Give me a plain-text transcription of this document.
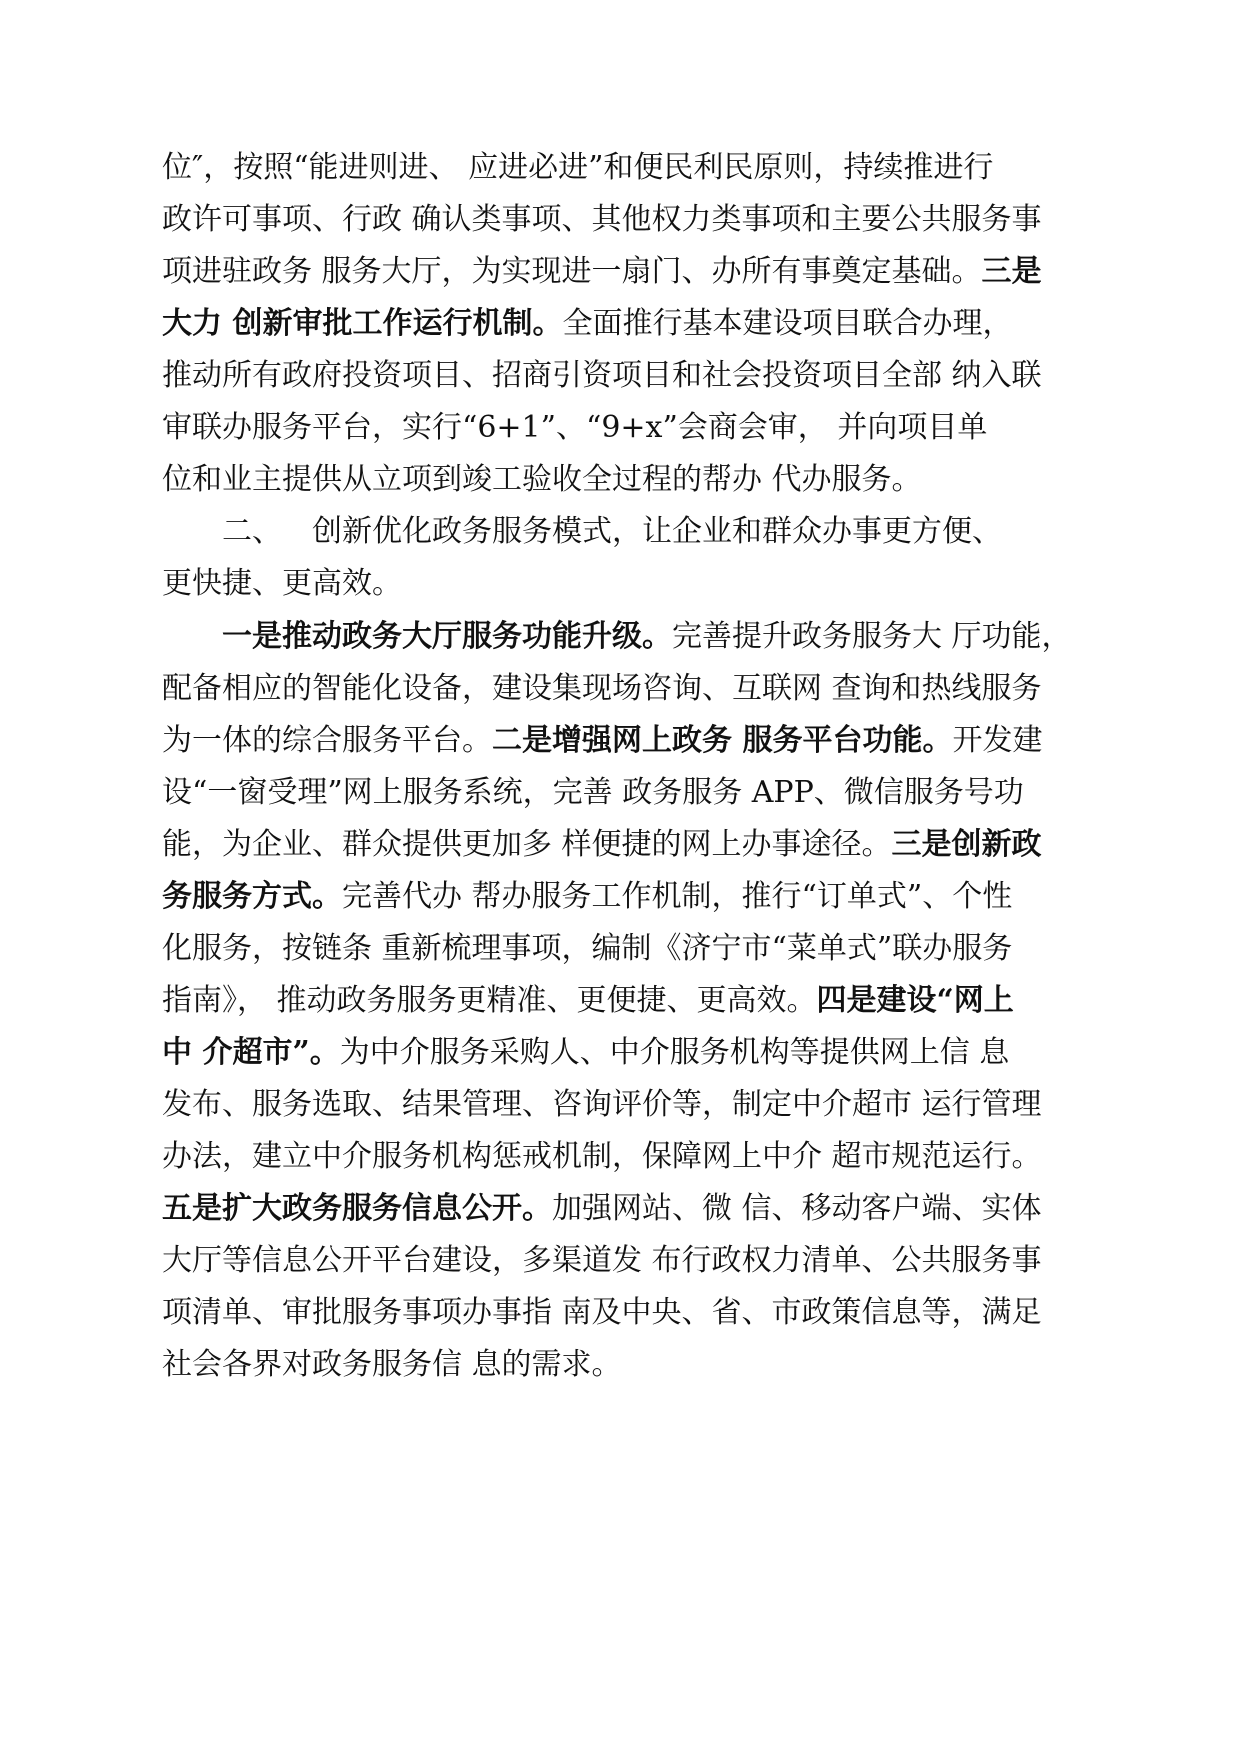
位″，按照“能进则进、 应进必进”和便民利民原则，持续推进行
政许可事项、行政 确认类事项、其他权力类事项和主要公共服务事
项进驻政务 服务大厅，为实现进一扇门、办所有事奠定基础。三是
大力 创新审批工作运行机制。全面推行基本建设项目联合办理，
推动所有政府投资项目、招商引资项目和社会投资项目全部 纳入联
审联办服务平台，实行“6+1”、“9+x”会商会审， 并向项目单
位和业主提供从立项到竣工验收全过程的帮办 代办服务。
二、 创新优化政务服务模式，让企业和群众办事更方便、
更快捷、更高效。
一是推动政务大厅服务功能升级。完善提升政务服务大 厅功能，
配备相应的智能化设备，建设集现场咨询、互联网 查询和热线服务
为一体的综合服务平台。二是增强网上政务 服务平台功能。开发建
设“一窗受理”网上服务系统，完善 政务服务 APP、微信服务号功
能，为企业、群众提供更加多 样便捷的网上办事途径。三是创新政
务服务方式。完善代办 帮办服务工作机制，推行“订单式”、个性
化服务，按链条 重新梳理事项，编制《济宁市“菜单式”联办服务
指南》， 推动政务服务更精准、更便捷、更高效。四是建设“网上
中 介超市”。为中介服务采购人、中介服务机构等提供网上信 息
发布、服务选取、结果管理、咨询评价等，制定中介超市 运行管理
办法，建立中介服务机构惩戒机制，保障网上中介 超市规范运行。
五是扩大政务服务信息公开。加强网站、微 信、移动客户端、实体
大厅等信息公开平台建设，多渠道发 布行政权力清单、公共服务事
项清单、审批服务事项办事指 南及中央、省、市政策信息等，满足
社会各界对政务服务信 息的需求。
